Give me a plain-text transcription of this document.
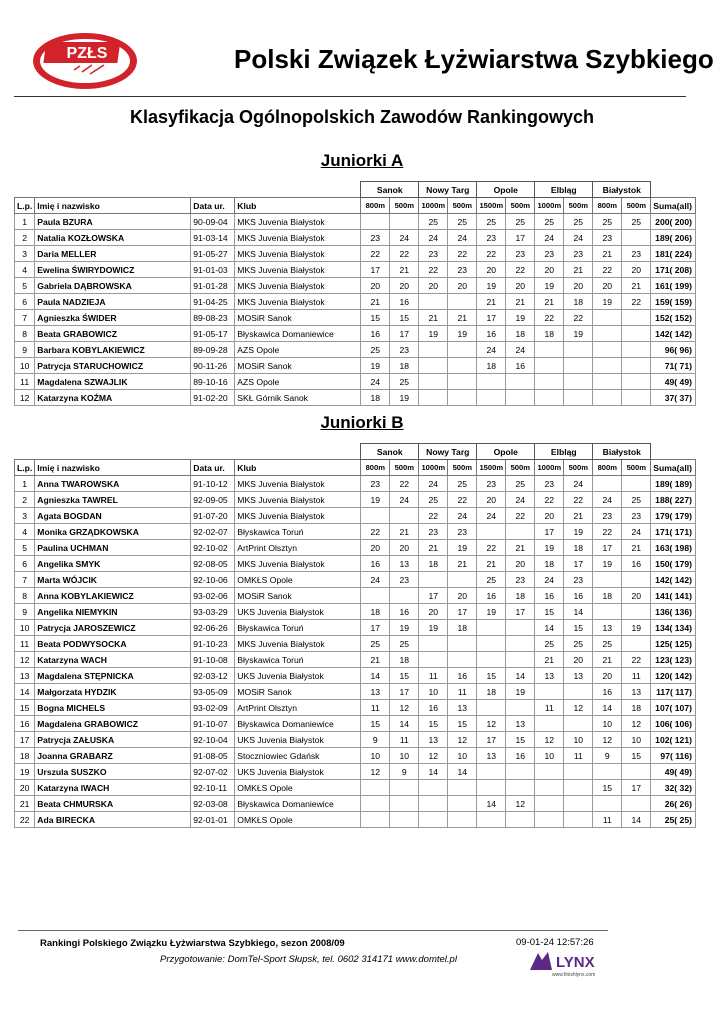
PZŁS	Polski Związek Łyżwiarstwa Szybkiego
Klasyfikacja Ogólnopolskich Zawodów Rankingowych
Juniorki A
				Sanok		Nowy Targ		Opole		Elbląg		Białystok		
L.p.	Imię i nazwisko	Data ur.	Klub	800m	500m	1000m	500m	1500m	500m	1000m	500m	800m	500m	Suma(all)
1	Paula BZURA	90-09-04	MKS Juvenia Białystok			25	25	25	25	25	25	25	25	200( 200)
2	Natalia KOZŁOWSKA	91-03-14	MKS Juvenia Białystok	23	24	24	24	23	17	24	24	23		189( 206)
3	Daria MELLER	91-05-27	MKS Juvenia Białystok	22	22	23	22	22	23	23	23	21	23	181( 224)
4	Ewelina ŚWIRYDOWICZ	91-01-03	MKS Juvenia Białystok	17	21	22	23	20	22	20	21	22	20	171( 208)
5	Gabriela DĄBROWSKA	91-01-28	MKS Juvenia Białystok	20	20	20	20	19	20	19	20	20	21	161( 199)
6	Paula NADZIEJA	91-04-25	MKS Juvenia Białystok	21	16			21	21	21	18	19	22	159( 159)
7	Agnieszka ŚWIDER	89-08-23	MOSiR Sanok	15	15	21	21	17	19	22	22			152( 152)
8	Beata GRABOWICZ	91-05-17	Błyskawica Domaniewice	16	17	19	19	16	18	18	19			142( 142)
9	Barbara KOBYLAKIEWICZ	89-09-28	AZS Opole	25	23			24	24					96( 96)
10	Patrycja STARUCHOWICZ	90-11-26	MOSiR Sanok	19	18			18	16					71( 71)
11	Magdalena SZWAJLIK	89-10-16	AZS Opole	24	25									49( 49)
12	Katarzyna KOŹMA	91-02-20	SKŁ Górnik Sanok	18	19									37( 37)
Juniorki B
				Sanok		Nowy Targ		Opole		Elbląg		Białystok		
L.p.	Imię i nazwisko	Data ur.	Klub	800m	500m	1000m	500m	1500m	500m	1000m	500m	800m	500m	Suma(all)
1	Anna TWAROWSKA	91-10-12	MKS Juvenia Białystok	23	22	24	25	23	25	23	24			189( 189)
2	Agnieszka TAWREL	92-09-05	MKS Juvenia Białystok	19	24	25	22	20	24	22	22	24	25	188( 227)
3	Agata BOGDAN	91-07-20	MKS Juvenia Białystok			22	24	24	22	20	21	23	23	179( 179)
4	Monika GRZĄDKOWSKA	92-02-07	Błyskawica Toruń	22	21	23	23			17	19	22	24	171( 171)
5	Paulina UCHMAN	92-10-02	ArtPrint Olsztyn	20	20	21	19	22	21	19	18	17	21	163( 198)
6	Angelika SMYK	92-08-05	MKS Juvenia Białystok	16	13	18	21	21	20	18	17	19	16	150( 179)
7	Marta WÓJCIK	92-10-06	OMKŁS Opole	24	23			25	23	24	23			142( 142)
8	Anna KOBYLAKIEWICZ	93-02-06	MOSiR Sanok			17	20	16	18	16	16	18	20	141( 141)
9	Angelika NIEMYKIN	93-03-29	UKS Juvenia Białystok	18	16	20	17	19	17	15	14			136( 136)
10	Patrycja JAROSZEWICZ	92-06-26	Błyskawica Toruń	17	19	19	18			14	15	13	19	134( 134)
11	Beata PODWYSOCKA	91-10-23	MKS Juvenia Białystok	25	25					25	25	25		125( 125)
12	Katarzyna WACH	91-10-08	Błyskawica Toruń	21	18					21	20	21	22	123( 123)
13	Magdalena STĘPNICKA	92-03-12	UKS Juvenia Białystok	14	15	11	16	15	14	13	13	20	11	120( 142)
14	Małgorzata HYDZIK	93-05-09	MOSiR Sanok	13	17	10	11	18	19			16	13	117( 117)
15	Bogna MICHELS	93-02-09	ArtPrint Olsztyn	11	12	16	13			11	12	14	18	107( 107)
16	Magdalena GRABOWICZ	91-10-07	Błyskawica Domaniewice	15	14	15	15	12	13			10	12	106( 106)
17	Patrycja ZAŁUSKA	92-10-04	UKS Juvenia Białystok	9	11	13	12	17	15	12	10	12	10	102( 121)
18	Joanna GRABARZ	91-08-05	Stoczniowiec Gdańsk	10	10	12	10	13	16	10	11	9	15	97( 116)
19	Urszula SUSZKO	92-07-02	UKS Juvenia Białystok	12	9	14	14							49( 49)
20	Katarzyna IWACH	92-10-11	OMKŁS Opole									15	17	32( 32)
21	Beata CHMURSKA	92-03-08	Błyskawica Domaniewice					14	12					26( 26)
22	Ada BIRECKA	92-01-01	OMKŁS Opole									11	14	25( 25)
Rankingi Polskiego Związku Łyżwiarstwa Szybkiego, sezon 2008/09	09-01-24 12:57:26
Przygotowanie: DomTel-Sport Słupsk, tel. 0602 314171 www.domtel.pl	LYNX
www.finishlynx.com
